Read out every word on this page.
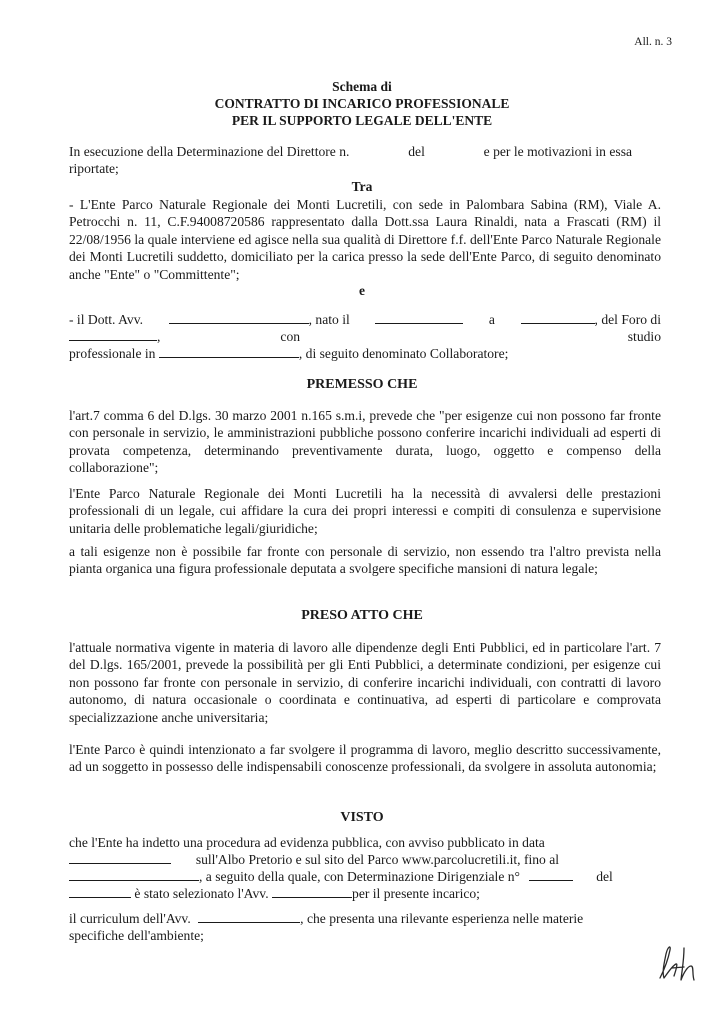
All. n. 3
Schema di
CONTRATTO DI INCARICO PROFESSIONALE
PER IL SUPPORTO LEGALE DELL'ENTE
In esecuzione della Determinazione del Direttore n.	del	e per le motivazioni in essa
riportate;
Tra
- L'Ente Parco Naturale Regionale dei Monti Lucretili, con sede in Palombara Sabina (RM), Viale A. Petrocchi n. 11, C.F.94008720586 rappresentato dalla Dott.ssa Laura Rinaldi, nata a Frascati (RM) il 22/08/1956 la quale interviene ed agisce nella sua qualità di Direttore f.f. dell'Ente Parco Naturale Regionale dei Monti Lucretili suddetto, domiciliato per la carica presso la sede dell'Ente Parco, di seguito denominato anche "Ente" o "Committente";
e
- il Dott. Avv.	, nato il	a	, del Foro di
,	con	studio
professionale in	, di seguito denominato Collaboratore;
PREMESSO CHE
l'art.7 comma 6 del D.lgs. 30 marzo 2001 n.165 s.m.i, prevede che "per esigenze cui non possono far fronte con personale in servizio, le amministrazioni pubbliche possono conferire incarichi individuali ad esperti di provata competenza, determinando preventivamente durata, luogo, oggetto e compenso della collaborazione";
l'Ente Parco Naturale Regionale dei Monti Lucretili ha la necessità di avvalersi delle prestazioni professionali di un legale, cui affidare la cura dei propri interessi e compiti di consulenza e supervisione unitaria delle problematiche legali/giuridiche;
a tali esigenze non è possibile far fronte con personale di servizio, non essendo tra l'altro prevista nella pianta organica una figura professionale deputata a svolgere specifiche mansioni di natura legale;
PRESO ATTO CHE
l'attuale normativa vigente in materia di lavoro alle dipendenze degli Enti Pubblici, ed in particolare l'art. 7 del D.lgs. 165/2001, prevede la possibilità per gli Enti Pubblici, a determinate condizioni, per esigenze cui non possono far fronte con personale in servizio, di conferire incarichi individuali, con contratti di lavoro autonomo, di natura occasionale o coordinata e continuativa, ad esperti di particolare e comprovata specializzazione anche universitaria;
l'Ente Parco è quindi intenzionato a far svolgere il programma di lavoro, meglio descritto successivamente, ad un soggetto in possesso delle indispensabili conoscenze professionali, da svolgere in assoluta autonomia;
VISTO
che l'Ente ha indetto una procedura ad evidenza pubblica, con avviso pubblicato in data
sull'Albo Pretorio e sul sito del Parco www.parcolucretili.it, fino al
, a seguito della quale, con Determinazione Dirigenziale n°	del
è stato selezionato l'Avv.	per il presente incarico;
il curriculum dell'Avv.	, che presenta una rilevante esperienza nelle materie
specifiche dell'ambiente;
